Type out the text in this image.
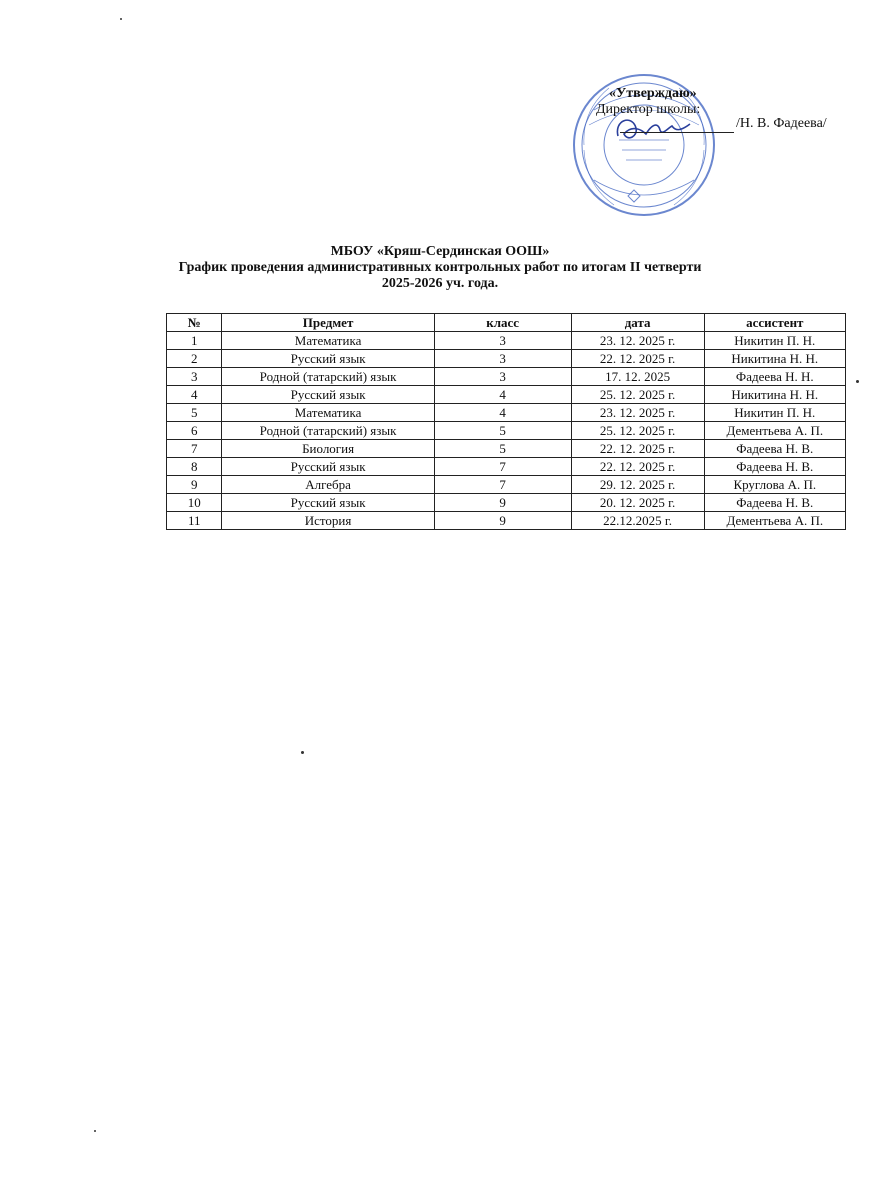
«Утверждаю»
Директор школы:
/Н. В. Фадеева/
МБОУ «Кряш-Сердинская ООШ»
График проведения административных контрольных работ по итогам II четверти
2025-2026 уч. года.
№	Предмет	класс	дата	ассистент
1	Математика	3	23. 12. 2025 г.	Никитин П. Н.
2	Русский язык	3	22. 12. 2025 г.	Никитина Н. Н.
3	Родной (татарский) язык	3	17. 12. 2025	Фадеева Н. Н.
4	Русский язык	4	25. 12. 2025 г.	Никитина Н. Н.
5	Математика	4	23. 12. 2025 г.	Никитин П. Н.
6	Родной (татарский) язык	5	25. 12. 2025 г.	Дементьева А. П.
7	Биология	5	22. 12. 2025 г.	Фадеева Н. В.
8	Русский язык	7	22. 12. 2025 г.	Фадеева Н. В.
9	Алгебра	7	29. 12. 2025 г.	Круглова А. П.
10	Русский язык	9	20. 12. 2025 г.	Фадеева Н. В.
11	История	9	22.12.2025 г.	Дементьева А. П.
